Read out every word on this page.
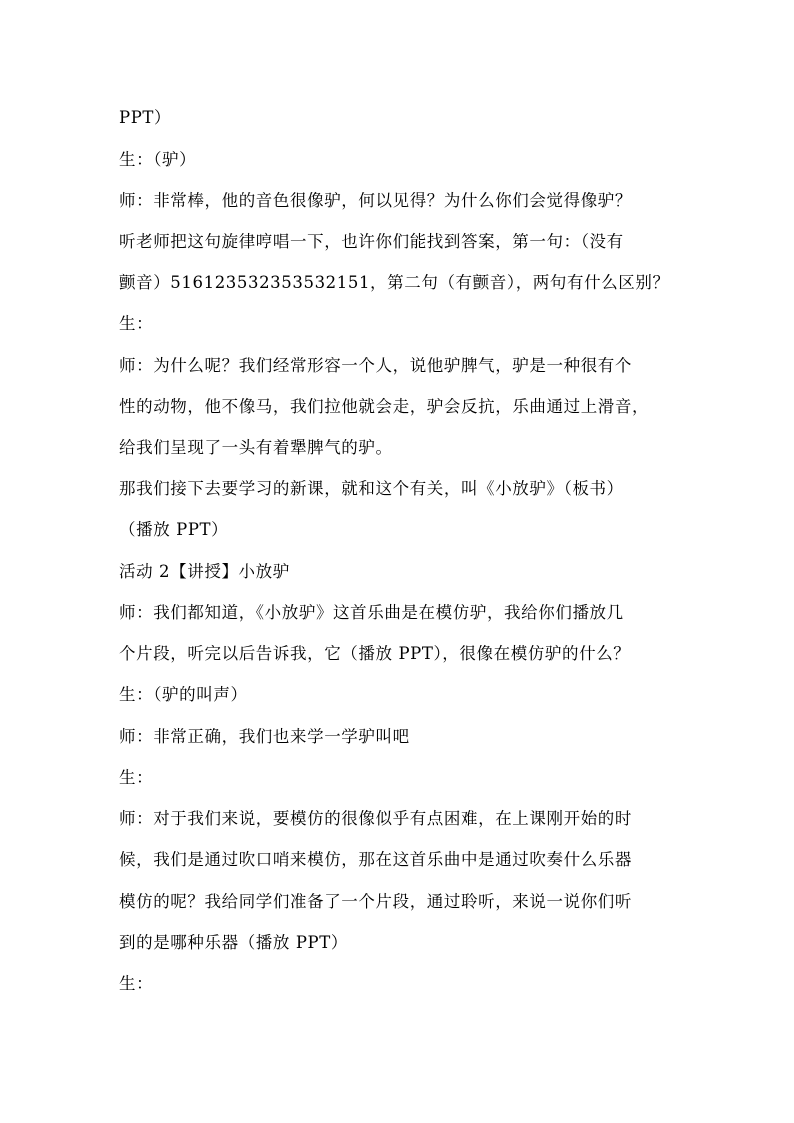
PPT）
生：（驴）
师：非常棒，他的音色很像驴，何以见得？为什么你们会觉得像驴？
听老师把这句旋律哼唱一下，也许你们能找到答案，第一句：（没有
颤音）516123532353532151，第二句（有颤音），两句有什么区别？
生：
师：为什么呢？我们经常形容一个人，说他驴脾气，驴是一种很有个
性的动物，他不像马，我们拉他就会走，驴会反抗，乐曲通过上滑音，
给我们呈现了一头有着犟脾气的驴。
那我们接下去要学习的新课，就和这个有关，叫《小放驴》（板书）
（播放 PPT）
活动 2【讲授】小放驴
师：我们都知道，《小放驴》这首乐曲是在模仿驴，我给你们播放几
个片段，听完以后告诉我，它（播放 PPT），很像在模仿驴的什么？
生：（驴的叫声）
师：非常正确，我们也来学一学驴叫吧
生：
师：对于我们来说，要模仿的很像似乎有点困难，在上课刚开始的时
候，我们是通过吹口哨来模仿，那在这首乐曲中是通过吹奏什么乐器
模仿的呢？我给同学们准备了一个片段，通过聆听，来说一说你们听
到的是哪种乐器（播放 PPT）
生：
